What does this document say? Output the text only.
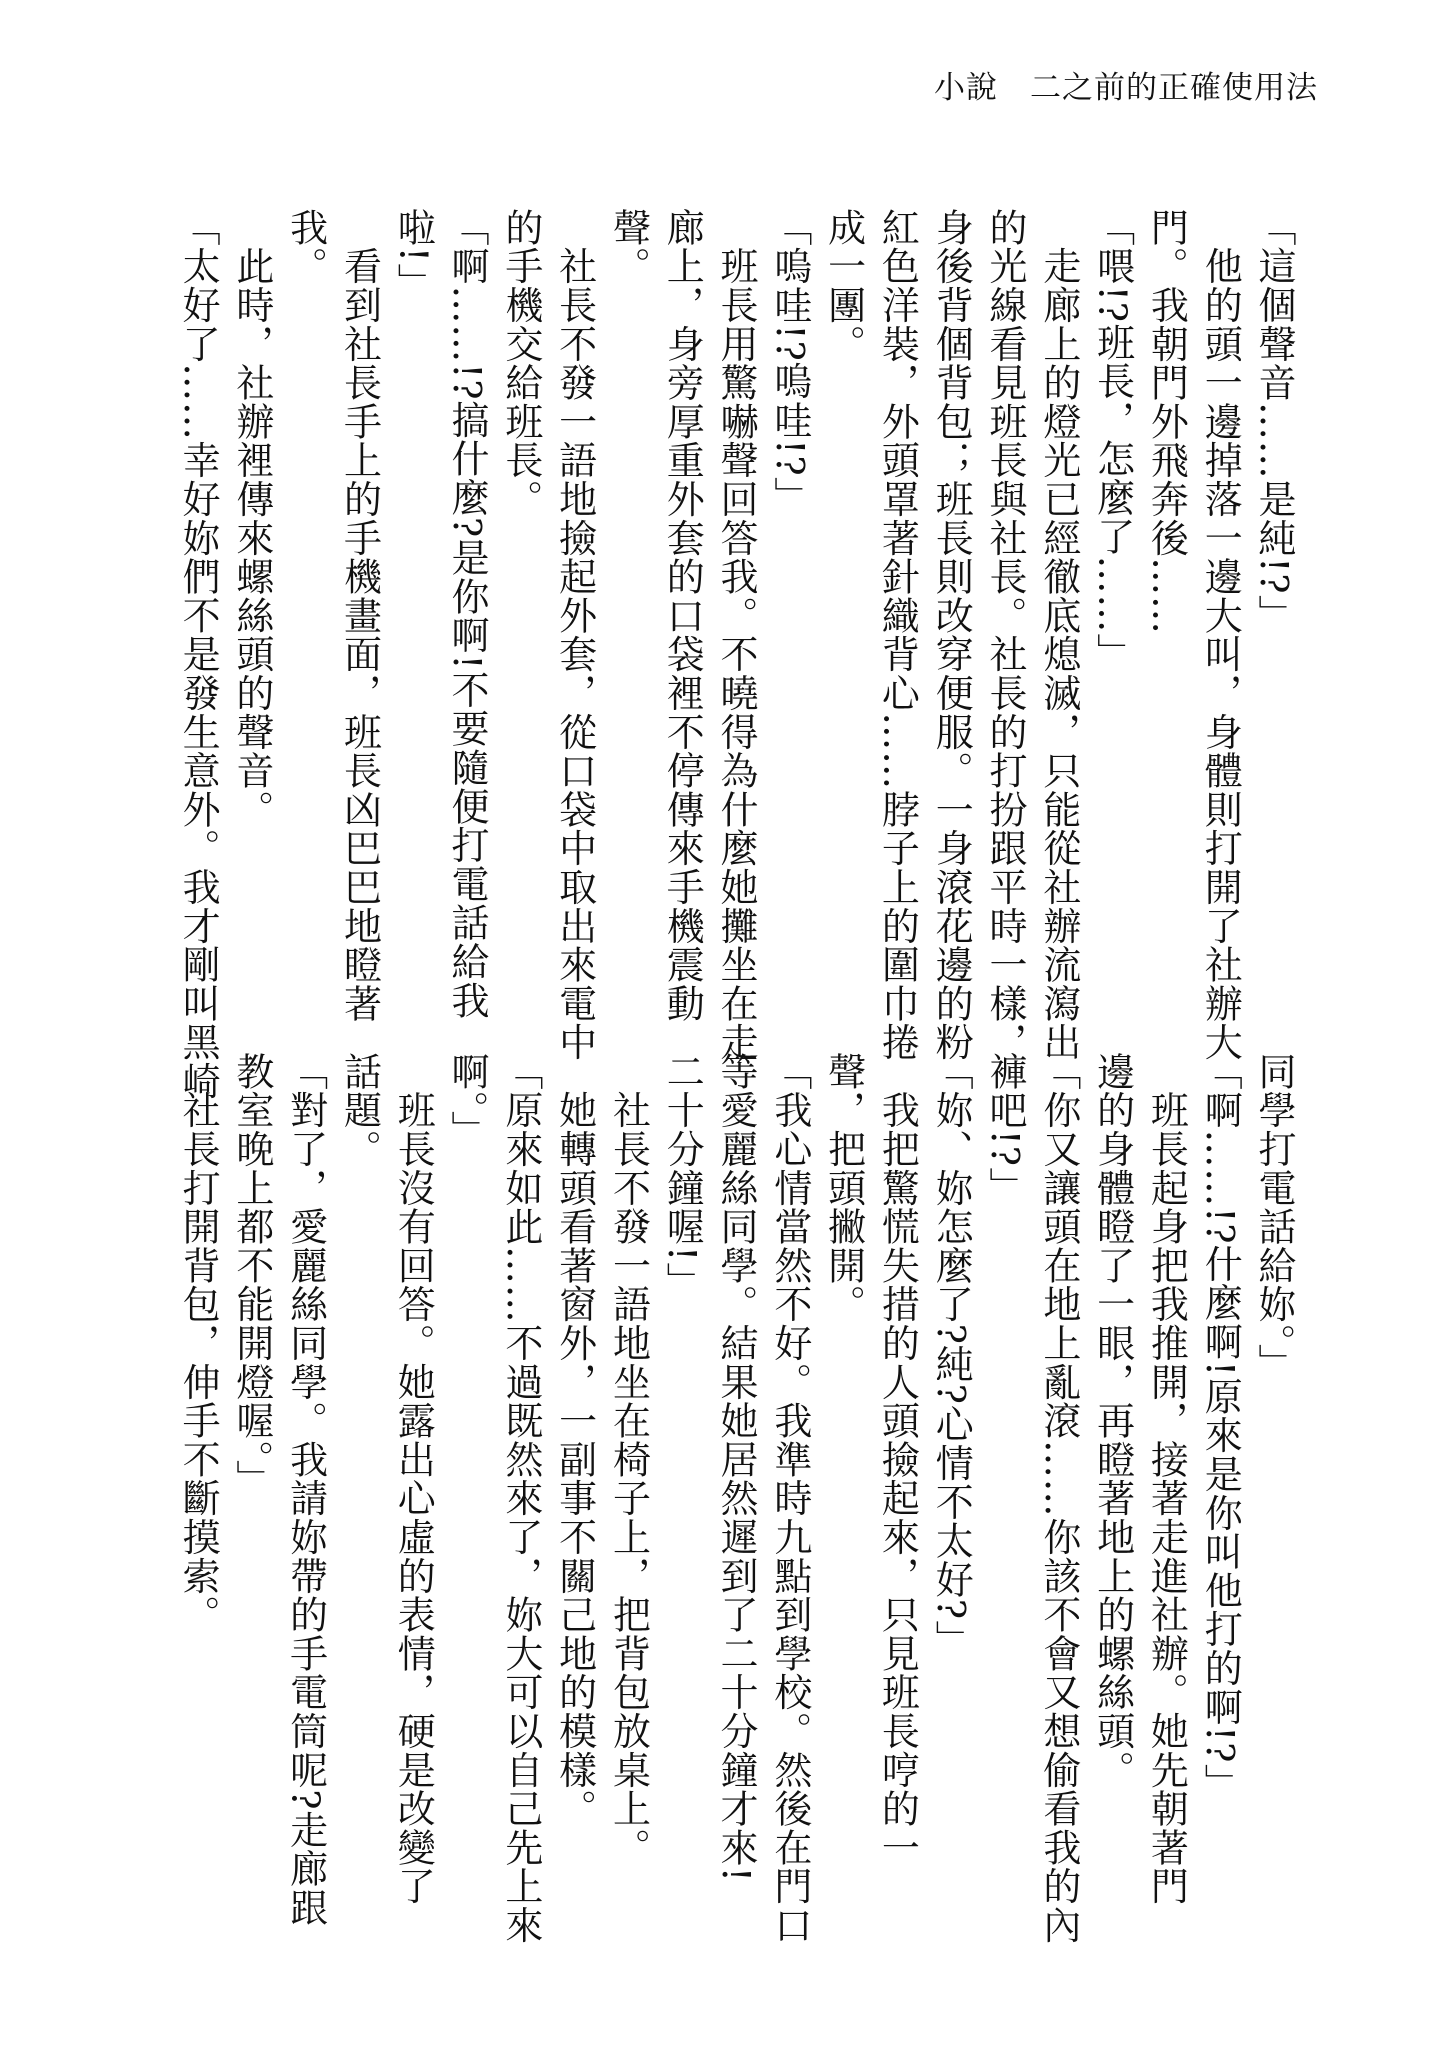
小說　二之前的正確使用法
「這個聲音……是純!?」
　他的頭一邊掉落一邊大叫，身體則打開了社辦大
門。我朝門外飛奔後……
「喂!?班長，怎麼了……」
　走廊上的燈光已經徹底熄滅，只能從社辦流瀉出
的光線看見班長與社長。社長的打扮跟平時一樣，
身後背個背包；班長則改穿便服。一身滾花邊的粉
紅色洋裝，外頭罩著針織背心……脖子上的圍巾捲
成一團。
「嗚哇!?嗚哇!?」
　班長用驚嚇聲回答我。不曉得為什麼她攤坐在走
廊上，身旁厚重外套的口袋裡不停傳來手機震動
聲。
　社長不發一語地撿起外套，從口袋中取出來電中
的手機交給班長。
「啊……!?搞什麼?是你啊!不要隨便打電話給我
啦!」
　看到社長手上的手機畫面，班長凶巴巴地瞪著
我。
　此時，社辦裡傳來螺絲頭的聲音。
「太好了……幸好妳們不是發生意外。我才剛叫黑崎
同學打電話給妳。」
「啊……!?什麼啊!原來是你叫他打的啊!?」
　班長起身把我推開，接著走進社辦。她先朝著門
邊的身體瞪了一眼，再瞪著地上的螺絲頭。
「你又讓頭在地上亂滾……你該不會又想偷看我的內
褲吧!?」
「妳、妳怎麼了?純?心情不太好?」
　我把驚慌失措的人頭撿起來，只見班長哼的一
聲，把頭撇開。
「我心情當然不好。我準時九點到學校。然後在門口
等愛麗絲同學。結果她居然遲到了二十分鐘才來!
二十分鐘喔!」
　社長不發一語地坐在椅子上，把背包放桌上。
　她轉頭看著窗外，一副事不關己地的模樣。
「原來如此……不過既然來了，妳大可以自己先上來
啊。」
　班長沒有回答。她露出心虛的表情，硬是改變了
話題。
「對了，愛麗絲同學。我請妳帶的手電筒呢?走廊跟
教室晚上都不能開燈喔。」
　社長打開背包，伸手不斷摸索。
